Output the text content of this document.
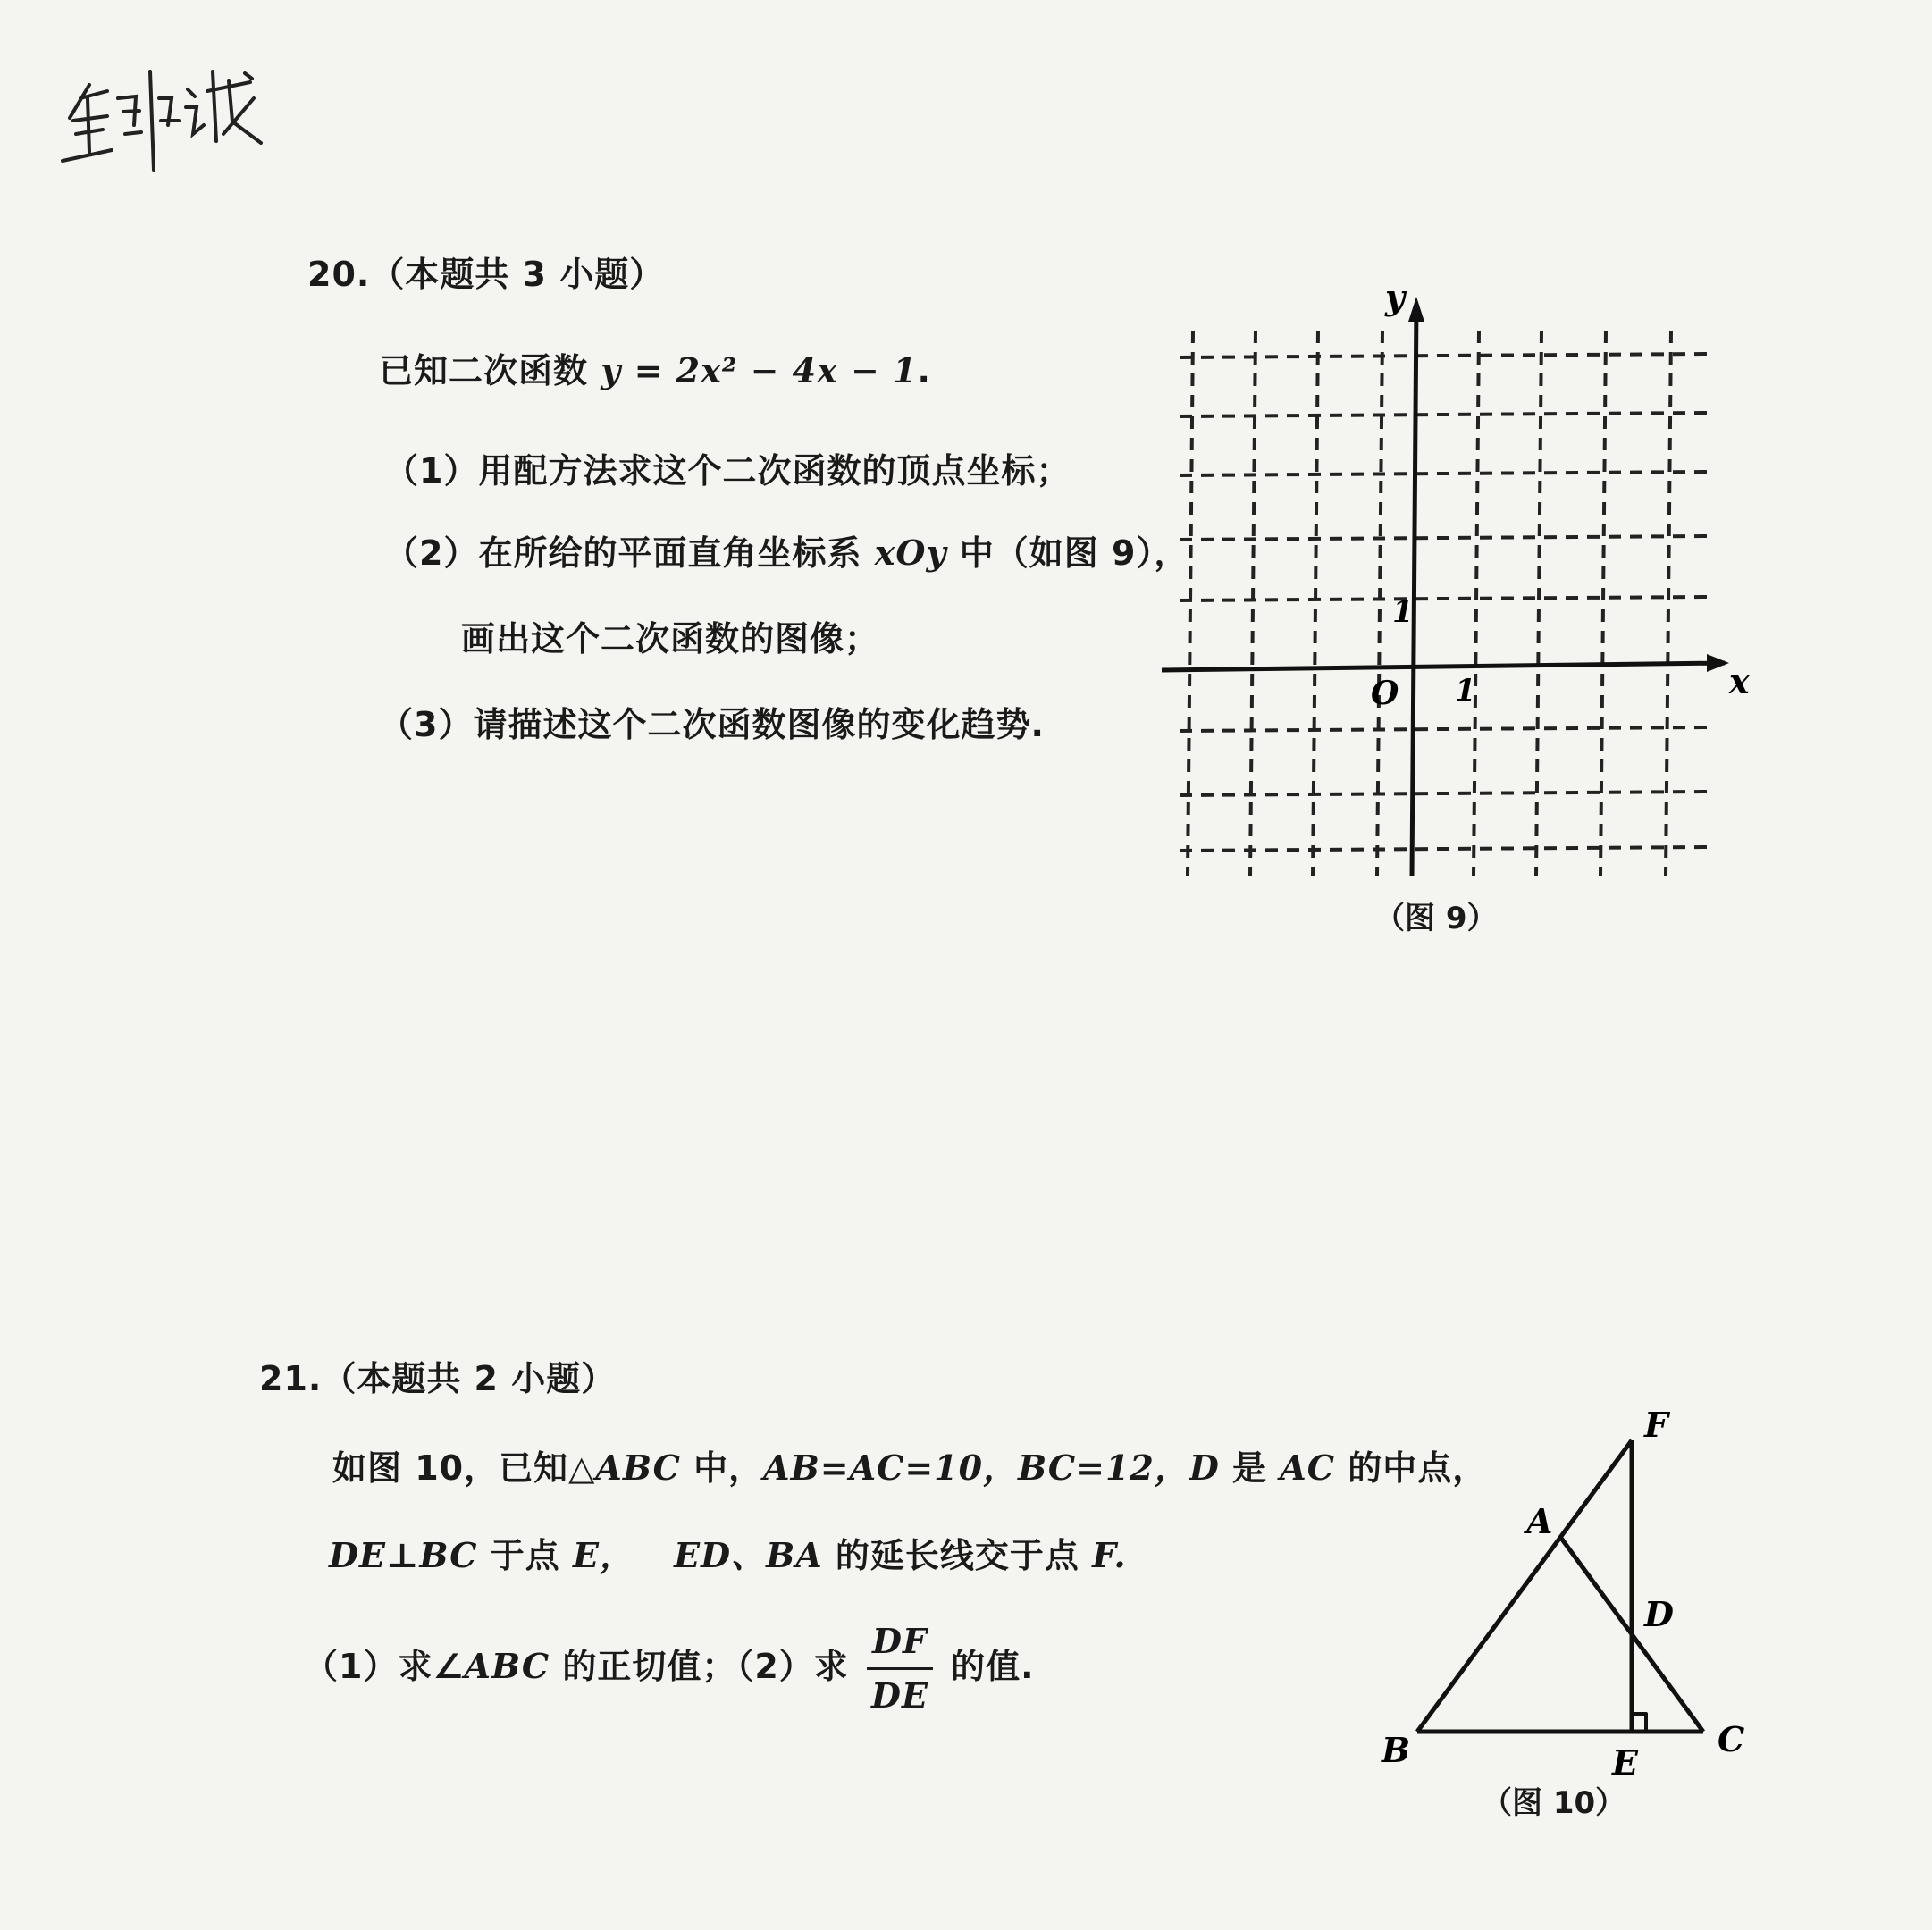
20.（本题共 3 小题）
已知二次函数 y = 2x² − 4x − 1.
（1）用配方法求这个二次函数的顶点坐标；
（2）在所给的平面直角坐标系 xOy 中（如图 9），
画出这个二次函数的图像；
（3）请描述这个二次函数图像的变化趋势.
x
y
O 1
1
（图 9）
21.（本题共 2 小题）
如图 10，已知△ABC 中，AB=AC=10，BC=12，D 是 AC 的中点，
DE⊥BC 于点 E， ED、BA 的延长线交于点 F.
（1）求∠ABC 的正切值；（2）求 $\frac{DF}{DE}$ 的值.
F
A
D
B	E
C
（图 10）
